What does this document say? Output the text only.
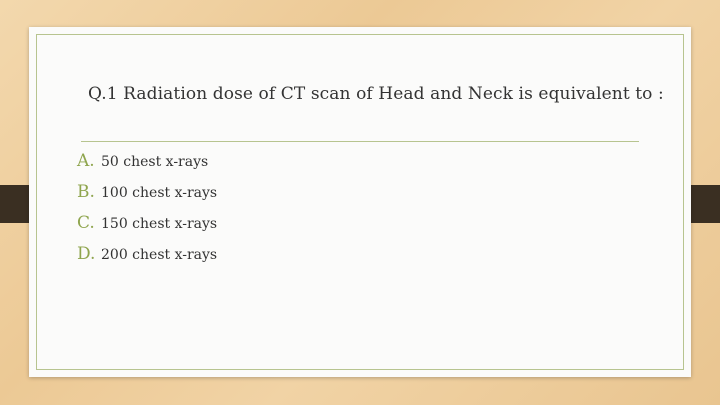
Q.1 Radiation dose of CT scan of Head and Neck is equivalent to :
A. 50 chest x-rays
B. 100 chest x-rays
C. 150 chest x-rays
D. 200 chest x-rays
